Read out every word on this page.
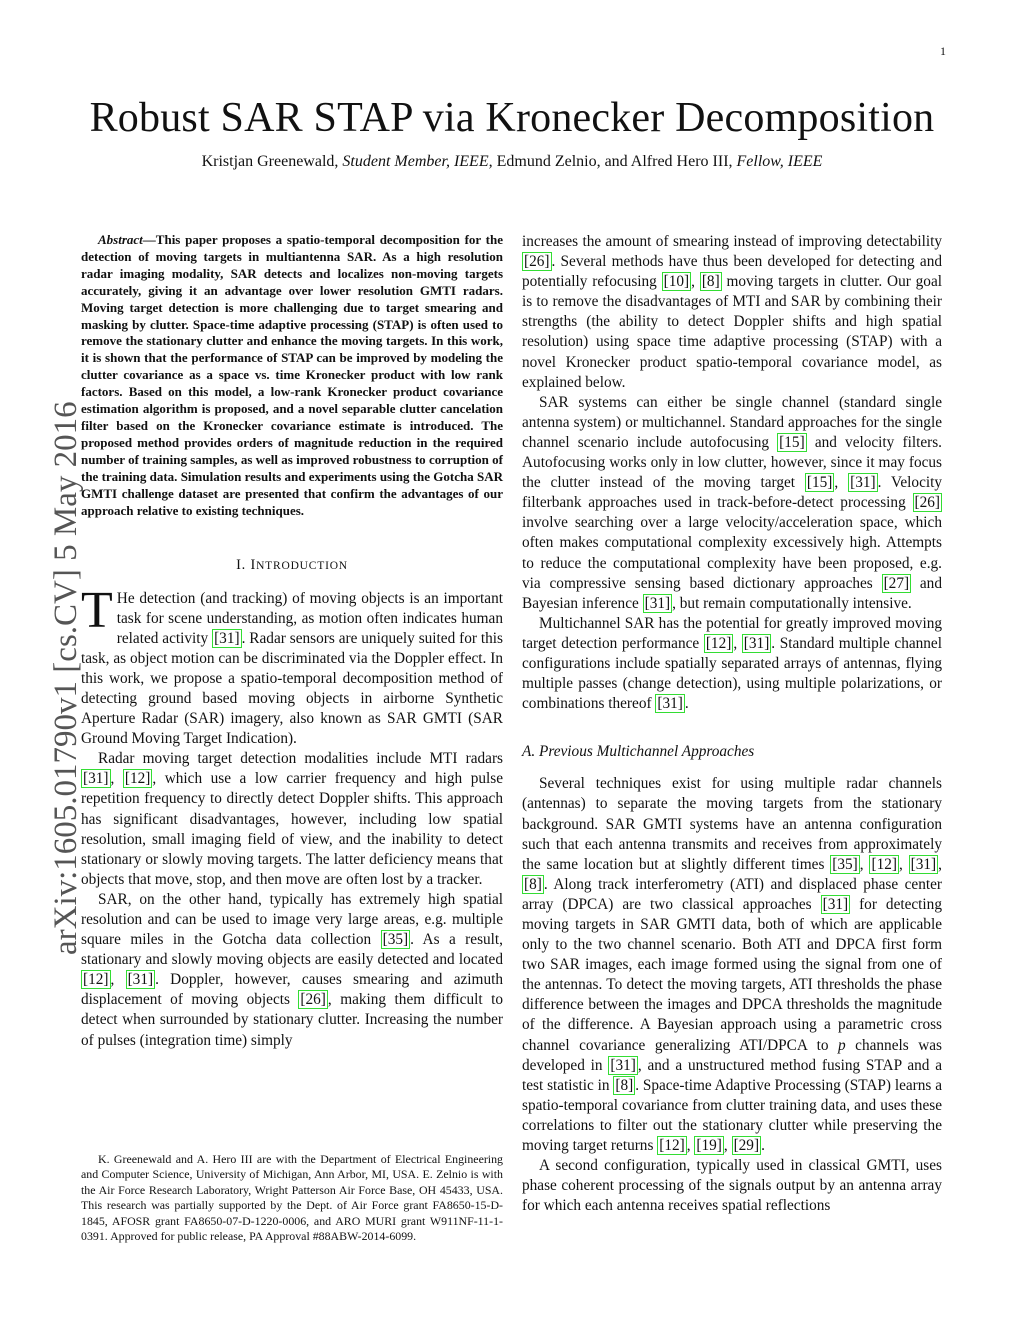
1
arXiv:1605.01790v1 [cs.CV] 5 May 2016
Robust SAR STAP via Kronecker Decomposition
Kristjan Greenewald, Student Member, IEEE, Edmund Zelnio, and Alfred Hero III, Fellow, IEEE

Abstract—This paper proposes a spatio-temporal decomposition for the detection of moving targets in multiantenna SAR. As a high resolution radar imaging modality, SAR detects and localizes non-moving targets accurately, giving it an advantage over lower resolution GMTI radars. Moving target detection is more challenging due to target smearing and masking by clutter. Space-time adaptive processing (STAP) is often used to remove the stationary clutter and enhance the moving targets. In this work, it is shown that the performance of STAP can be improved by modeling the clutter covariance as a space vs. time Kronecker product with low rank factors. Based on this model, a low-rank Kronecker product covariance estimation algorithm is proposed, and a novel separable clutter cancelation filter based on the Kronecker covariance estimate is introduced. The proposed method provides orders of magnitude reduction in the required number of training samples, as well as improved robustness to corruption of the training data. Simulation results and experiments using the Gotcha SAR GMTI challenge dataset are presented that confirm the advantages of our approach relative to existing techniques.

I. INTRODUCTION

T He detection (and tracking) of moving objects is an important task for scene understanding, as motion often indicates human related activity [31] . Radar sensors are uniquely suited for this task, as object motion can be discriminated via the Doppler effect. In this work, we propose a spatio-temporal decomposition method of detecting ground based moving objects in airborne Synthetic Aperture Radar (SAR) imagery, also known as SAR GMTI (SAR Ground Moving Target Indication).

Radar moving target detection modalities include MTI radars [31] , [12] , which use a low carrier frequency and high pulse repetition frequency to directly detect Doppler shifts. This approach has significant disadvantages, however, including low spatial resolution, small imaging field of view, and the inability to detect stationary or slowly moving targets. The latter deficiency means that objects that move, stop, and then move are often lost by a tracker.

SAR, on the other hand, typically has extremely high spatial resolution and can be used to image very large areas, e.g. multiple square miles in the Gotcha data collection [35] . As a result, stationary and slowly moving objects are easily detected and located [12] , [31] . Doppler, however, causes smearing and azimuth displacement of moving objects [26] , making them difficult to detect when surrounded by stationary clutter. Increasing the number of pulses (integration time) simply

K. Greenewald and A. Hero III are with the Department of Electrical Engineering and Computer Science, University of Michigan, Ann Arbor, MI, USA. E. Zelnio is with the Air Force Research Laboratory, Wright Patterson Air Force Base, OH 45433, USA. This research was partially supported by the Dept. of Air Force grant FA8650-15-D-1845, AFOSR grant FA8650-07-D-1220-0006, and ARO MURI grant W911NF-11-1-0391. Approved for public release, PA Approval #88ABW-2014-6099.

increases the amount of smearing instead of improving detectability [26] . Several methods have thus been developed for detecting and potentially refocusing [10] , [8] moving targets in clutter. Our goal is to remove the disadvantages of MTI and SAR by combining their strengths (the ability to detect Doppler shifts and high spatial resolution) using space time adaptive processing (STAP) with a novel Kronecker product spatio-temporal covariance model, as explained below.

SAR systems can either be single channel (standard single antenna system) or multichannel. Standard approaches for the single channel scenario include autofocusing [15] and velocity filters. Autofocusing works only in low clutter, however, since it may focus the clutter instead of the moving target [15] , [31] . Velocity filterbank approaches used in track-before-detect processing [26] involve searching over a large velocity/acceleration space, which often makes computational complexity excessively high. Attempts to reduce the computational complexity have been proposed, e.g. via compressive sensing based dictionary approaches [27] and Bayesian inference [31] , but remain computationally intensive.

Multichannel SAR has the potential for greatly improved moving target detection performance [12] , [31] . Standard multiple channel configurations include spatially separated arrays of antennas, flying multiple passes (change detection), using multiple polarizations, or combinations thereof [31] .

A. Previous Multichannel Approaches

Several techniques exist for using multiple radar channels (antennas) to separate the moving targets from the stationary background. SAR GMTI systems have an antenna configuration such that each antenna transmits and receives from approximately the same location but at slightly different times [35] , [12] , [31] , [8] . Along track interferometry (ATI) and displaced phase center array (DPCA) are two classical approaches [31] for detecting moving targets in SAR GMTI data, both of which are applicable only to the two channel scenario. Both ATI and DPCA first form two SAR images, each image formed using the signal from one of the antennas. To detect the moving targets, ATI thresholds the phase difference between the images and DPCA thresholds the magnitude of the difference. A Bayesian approach using a parametric cross channel covariance generalizing ATI/DPCA to p channels was developed in [31] , and a unstructured method fusing STAP and a test statistic in [8] . Space-time Adaptive Processing (STAP) learns a spatio-temporal covariance from clutter training data, and uses these correlations to filter out the stationary clutter while preserving the moving target returns [12] , [19] , [29] .

A second configuration, typically used in classical GMTI, uses phase coherent processing of the signals output by an antenna array for which each antenna receives spatial reflections
